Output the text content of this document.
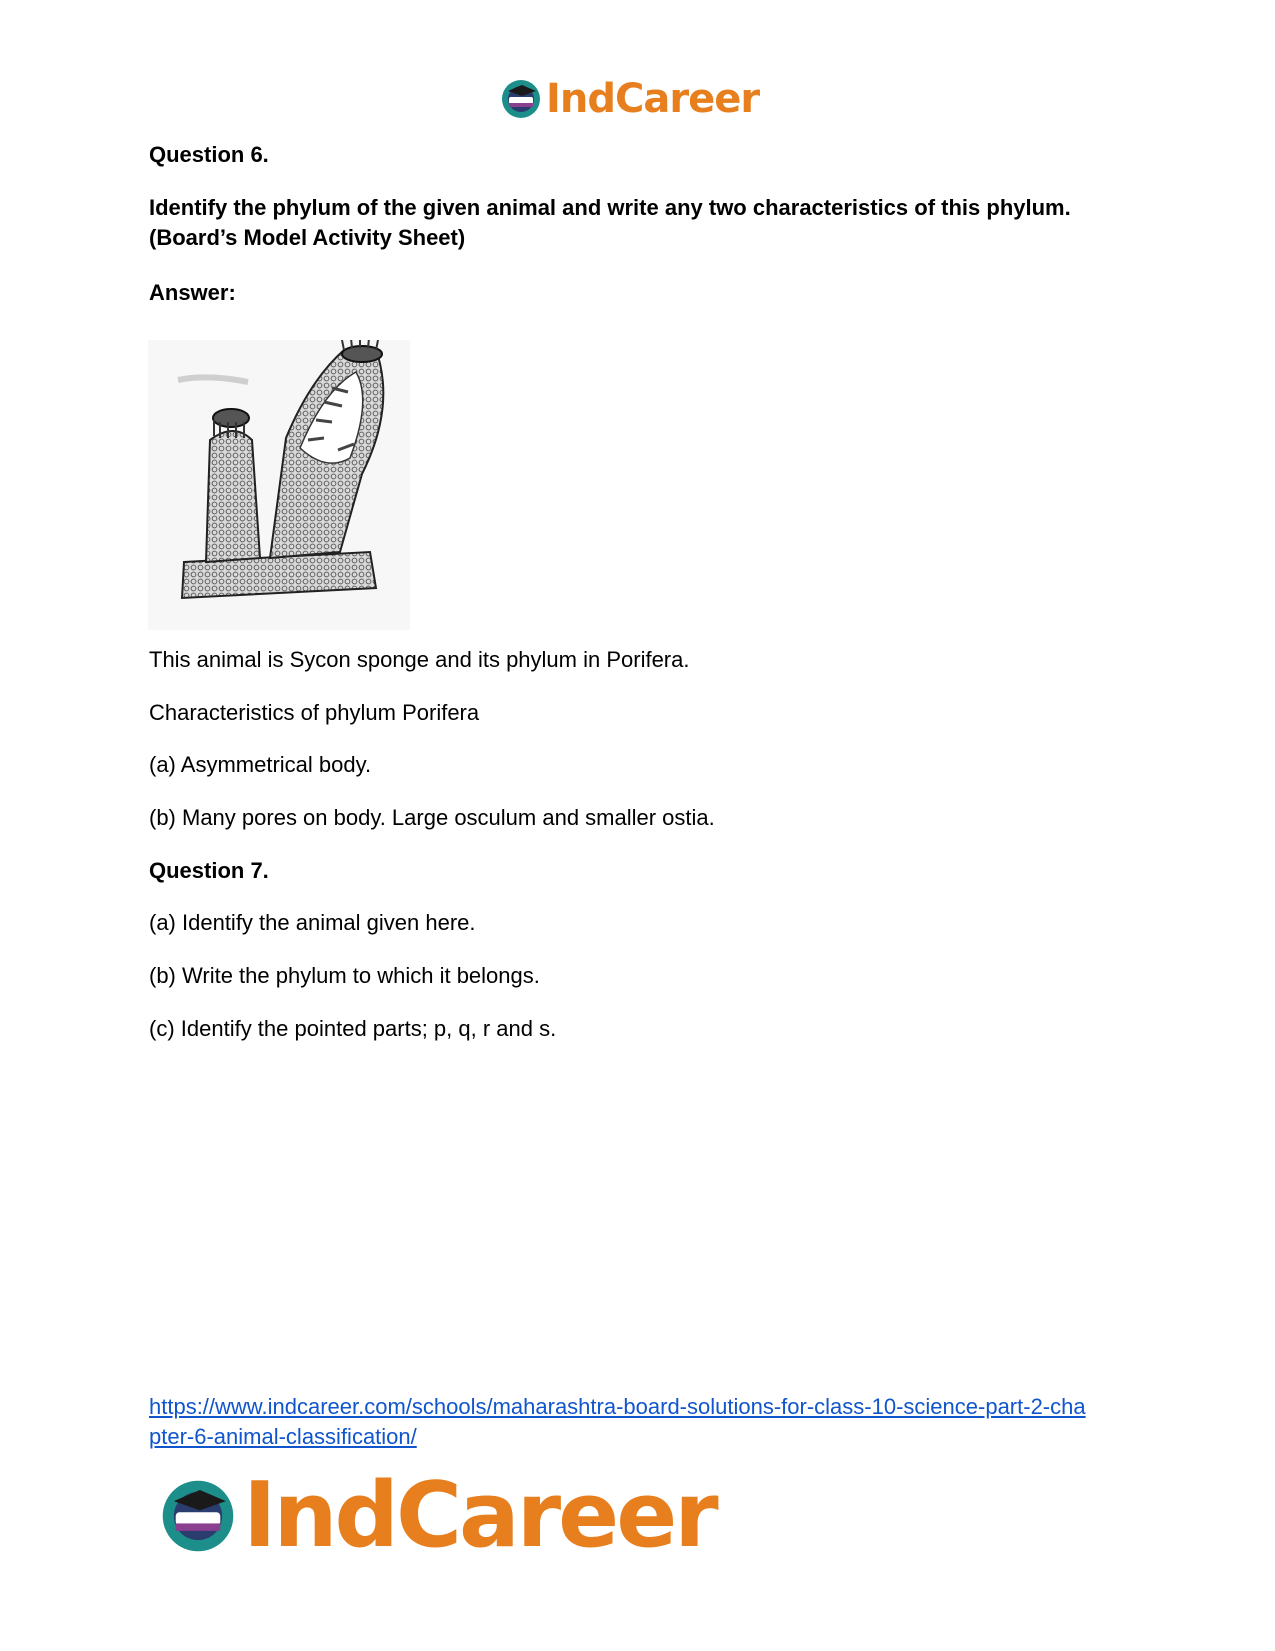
IndCareer
Question 6.
Identify the phylum of the given animal and write any two characteristics of this phylum.
(Board’s Model Activity Sheet)
Answer:
This animal is Sycon sponge and its phylum in Porifera.
Characteristics of phylum Porifera
(a) Asymmetrical body.
(b) Many pores on body. Large osculum and smaller ostia.
Question 7.
(a) Identify the animal given here.
(b) Write the phylum to which it belongs.
(c) Identify the pointed parts; p, q, r and s.
https://www.indcareer.com/schools/maharashtra-board-solutions-for-class-10-science-part-2-cha
pter-6-animal-classification/
IndCareer
